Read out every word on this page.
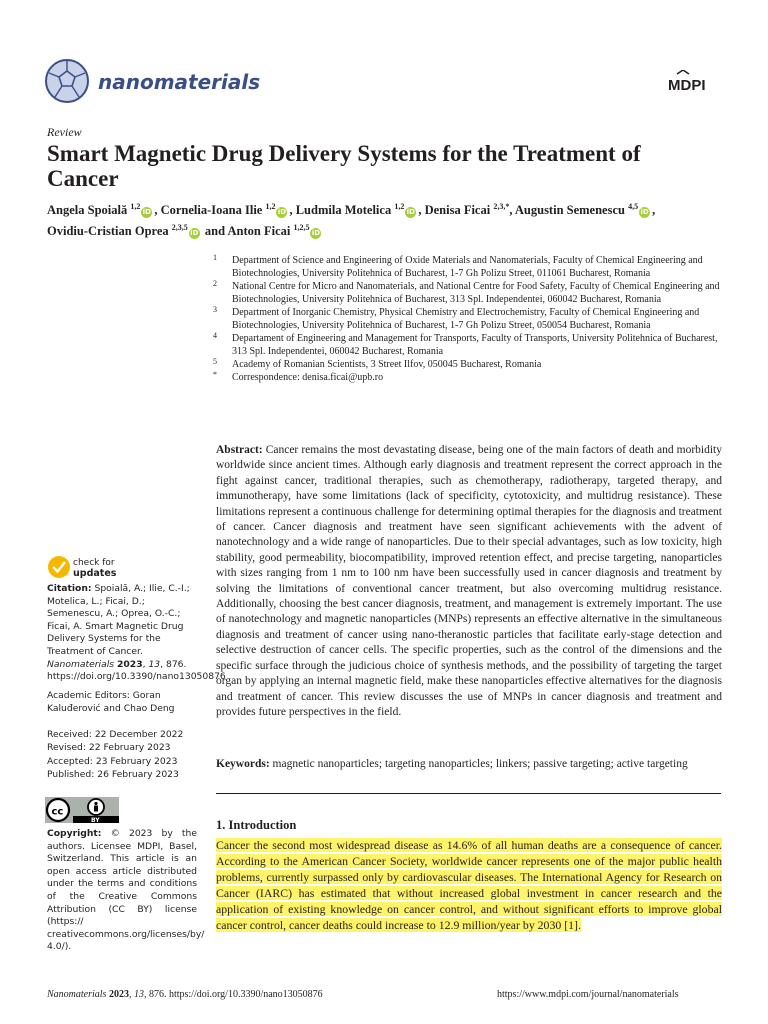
nanomaterials	MDPI
Review
Smart Magnetic Drug Delivery Systems for the Treatment of Cancer
Angela Spoială $^{1,2}$iD , Cornelia-Ioana Ilie $^{1,2}$iD , Ludmila Motelica $^{1,2}$iD , Denisa Ficai $^{2,3,*}$, Augustin Semenescu $^{4,5}$iD ,
Ovidiu-Cristian Oprea $^{2,3,5}$iD and Anton Ficai $^{1,2,5}$iD
1 Department of Science and Engineering of Oxide Materials and Nanomaterials, Faculty of Chemical Engineering and Biotechnologies, University Politehnica of Bucharest, 1-7 Gh Polizu Street, 011061 Bucharest, Romania
2 National Centre for Micro and Nanomaterials, and National Centre for Food Safety, Faculty of Chemical Engineering and Biotechnologies, University Politehnica of Bucharest, 313 Spl. Independentei, 060042 Bucharest, Romania
3 Department of Inorganic Chemistry, Physical Chemistry and Electrochemistry, Faculty of Chemical Engineering and Biotechnologies, University Politehnica of Bucharest, 1-7 Gh Polizu Street, 050054 Bucharest, Romania
4 Departament of Engineering and Management for Transports, Faculty of Transports, University Politehnica of Bucharest, 313 Spl. Independentei, 060042 Bucharest, Romania
5 Academy of Romanian Scientists, 3 Street Ilfov, 050045 Bucharest, Romania
* Correspondence: denisa.ficai@upb.ro
Abstract: Cancer remains the most devastating disease, being one of the main factors of death and morbidity worldwide since ancient times. Although early diagnosis and treatment represent the correct approach in the fight against cancer, traditional therapies, such as chemotherapy, radiotherapy, targeted therapy, and immunotherapy, have some limitations (lack of specificity, cytotoxicity, and multidrug resistance). These limitations represent a continuous challenge for determining optimal therapies for the diagnosis and treatment of cancer. Cancer diagnosis and treatment have seen significant achievements with the advent of nanotechnology and a wide range of nanoparticles. Due to their special advantages, such as low toxicity, high stability, good permeability, biocompatibility, improved retention effect, and precise targeting, nanoparticles with sizes ranging from 1 nm to 100 nm have been successfully used in cancer diagnosis and treatment by solving the limitations of conventional cancer treatment, but also overcoming multidrug resistance. Additionally, choosing the best cancer diagnosis, treatment, and management is extremely important. The use of nanotechnology and magnetic nanoparticles (MNPs) represents an effective alternative in the simultaneous diagnosis and treatment of cancer using nano-theranostic particles that facilitate early-stage detection and selective destruction of cancer cells. The specific properties, such as the control of the dimensions and the specific surface through the judicious choice of synthesis methods, and the possibility of targeting the target organ by applying an internal magnetic field, make these nanoparticles effective alternatives for the diagnosis and treatment of cancer. This review discusses the use of MNPs in cancer diagnosis and treatment and provides future perspectives in the field.
Keywords: magnetic nanoparticles; targeting nanoparticles; linkers; passive targeting; active targeting
check for
updates
Citation: Spoială, A.; Ilie, C.-I.; Motelica, L.; Ficai, D.; Semenescu, A.; Oprea, O.-C.; Ficai, A. Smart Magnetic Drug Delivery Systems for the Treatment of Cancer. Nanomaterials 2023, 13, 876. https://doi.org/10.3390/nano13050876
Academic Editors: Goran Kaluđerović and Chao Deng
Received: 22 December 2022
Revised: 22 February 2023
Accepted: 23 February 2023
Published: 26 February 2023
cc
BY
Copyright: © 2023 by the authors. Licensee MDPI, Basel, Switzerland. This article is an open access article distributed under the terms and conditions of the Creative Commons Attribution (CC BY) license (https:// creativecommons.org/licenses/by/ 4.0/).
1. Introduction
Cancer the second most widespread disease as 14.6% of all human deaths are a consequence of cancer. According to the American Cancer Society, worldwide cancer represents one of the major public health problems, currently surpassed only by cardiovascular diseases. The International Agency for Research on Cancer (IARC) has estimated that without increased global investment in cancer research and the application of existing knowledge on cancer control, and without significant efforts to improve global cancer control, cancer deaths could increase to 12.9 million/year by 2030 [1].
Nanomaterials 2023, 13, 876. https://doi.org/10.3390/nano13050876	https://www.mdpi.com/journal/nanomaterials
